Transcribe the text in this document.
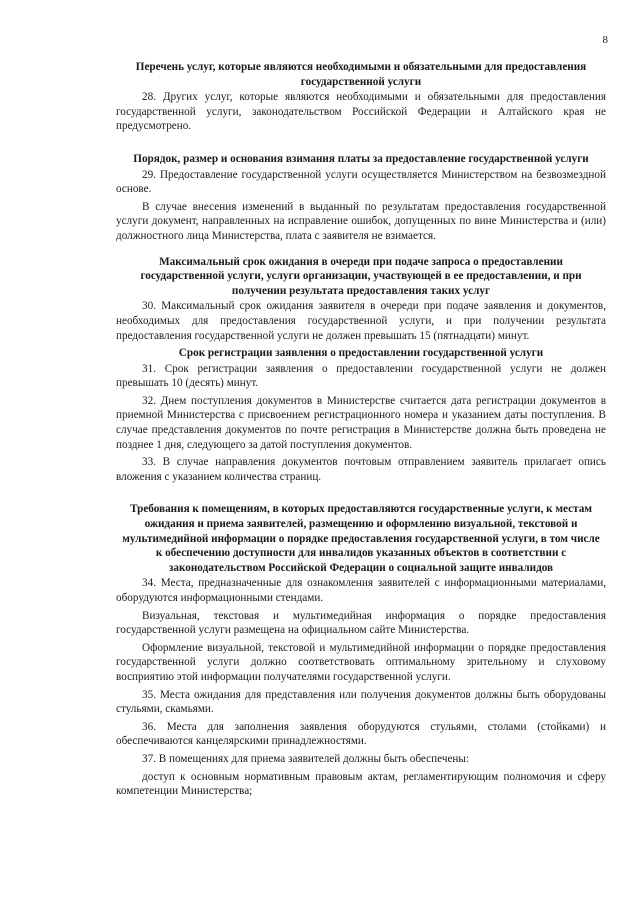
8

Перечень услуг, которые являются необходимыми и обязательными для предоставления государственной услуги

28. Других услуг, которые являются необходимыми и обязательными для предоставления государственной услуги, законодательством Российской Федерации и Алтайского края не предусмотрено.

Порядок, размер и основания взимания платы за предоставление государственной услуги

29. Предоставление государственной услуги осуществляется Министерством на безвозмездной основе.

В случае внесения изменений в выданный по результатам предоставления государственной услуги документ, направленных на исправление ошибок, допущенных по вине Министерства и (или) должностного лица Министерства, плата с заявителя не взимается.

Максимальный срок ожидания в очереди при подаче запроса о предоставлении государственной услуги, услуги организации, участвующей в ее предоставлении, и при получении результата предоставления таких услуг

30. Максимальный срок ожидания заявителя в очереди при подаче заявления и документов, необходимых для предоставления государственной услуги, и при получении результата предоставления государственной услуги не должен превышать 15 (пятнадцати) минут.

Срок регистрации заявления о предоставлении государственной услуги

31. Срок регистрации заявления о предоставлении государственной услуги не должен превышать 10 (десять) минут.

32. Днем поступления документов в Министерстве считается дата регистрации документов в приемной Министерства с присвоением регистрационного номера и указанием даты поступления. В случае представления документов по почте регистрация в Министерстве должна быть проведена не позднее 1 дня, следующего за датой поступления документов.

33. В случае направления документов почтовым отправлением заявитель прилагает опись вложения с указанием количества страниц.

Требования к помещениям, в которых предоставляются государственные услуги, к местам ожидания и приема заявителей, размещению и оформлению визуальной, текстовой и мультимедийной информации о порядке предоставления государственной услуги, в том числе к обеспечению доступности для инвалидов указанных объектов в соответствии с законодательством Российской Федерации о социальной защите инвалидов

34. Места, предназначенные для ознакомления заявителей с информационными материалами, оборудуются информационными стендами.

Визуальная, текстовая и мультимедийная информация о порядке предоставления государственной услуги размещена на официальном сайте Министерства.

Оформление визуальной, текстовой и мультимедийной информации о порядке предоставления государственной услуги должно соответствовать оптимальному зрительному и слуховому восприятию этой информации получателями государственной услуги.

35. Места ожидания для представления или получения документов должны быть оборудованы стульями, скамьями.

36. Места для заполнения заявления оборудуются стульями, столами (стойками) и обеспечиваются канцелярскими принадлежностями.

37. В помещениях для приема заявителей должны быть обеспечены:

доступ к основным нормативным правовым актам, регламентирующим полномочия и сферу компетенции Министерства;
